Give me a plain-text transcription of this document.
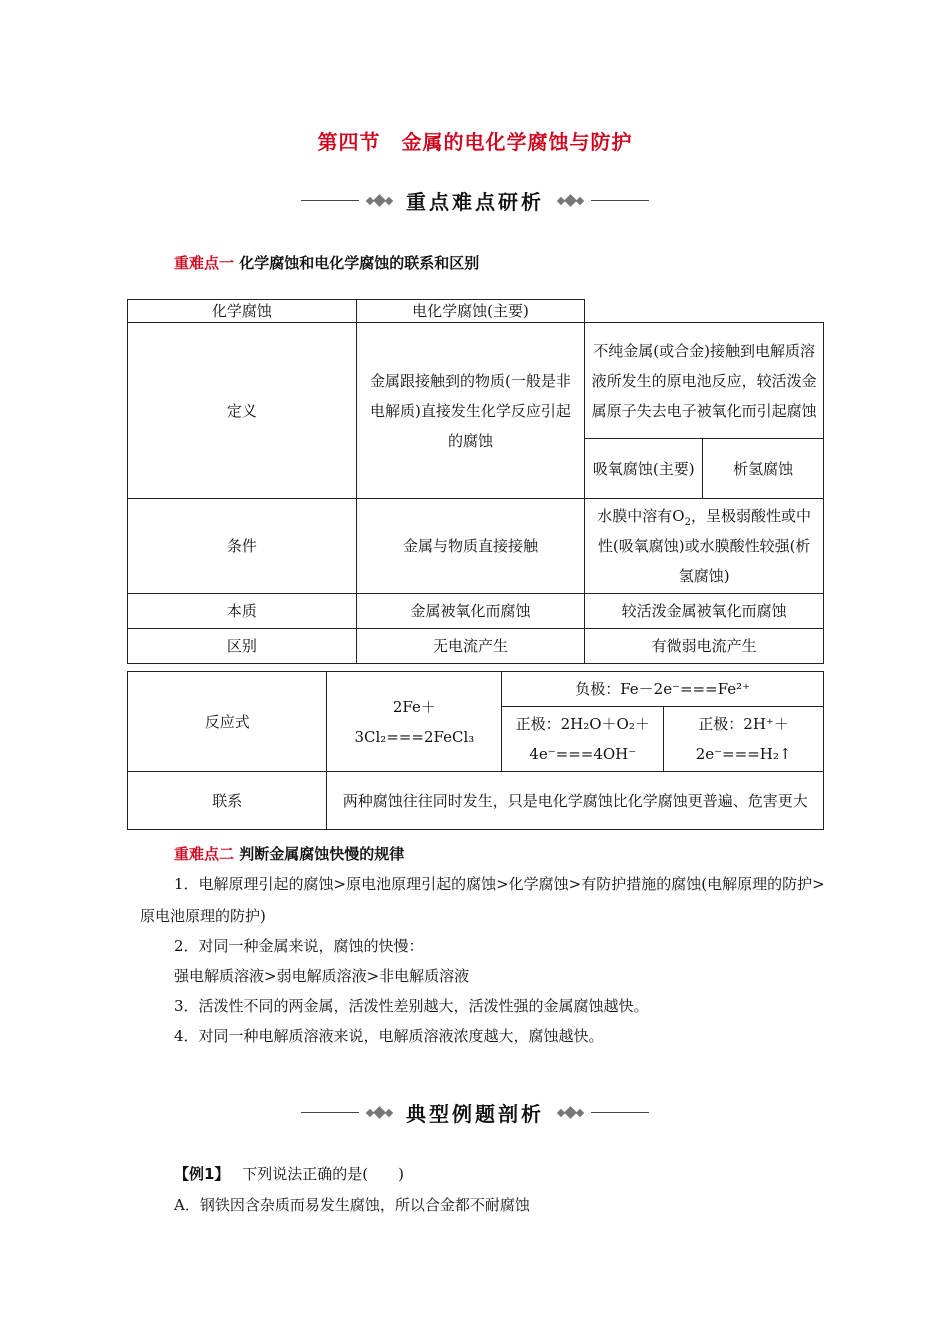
第四节　金属的电化学腐蚀与防护
重点难点研析
重难点一 化学腐蚀和电化学腐蚀的联系和区别
化学腐蚀	电化学腐蚀(主要)		
定义	金属跟接触到的物质(一般是非电解质)直接发生化学反应引起的腐蚀	不纯金属(或合金)接触到电解质溶液所发生的原电池反应，较活泼金属原子失去电子被氧化而引起腐蚀	
		吸氧腐蚀(主要)	析氢腐蚀
条件	金属与物质直接接触	水膜中溶有$O_2$，呈极弱酸性或中性(吸氧腐蚀)或水膜酸性较强(析氢腐蚀)	
本质	金属被氧化而腐蚀	较活泼金属被氧化而腐蚀	
区别	无电流产生	有微弱电流产生	
反应式	2Fe＋3Cl₂===2FeCl₃	负极：Fe－2e⁻===Fe²⁺	
		正极：2H₂O＋O₂＋4e⁻===4OH⁻	正极：2H⁺＋2e⁻===H₂↑
联系	两种腐蚀往往同时发生，只是电化学腐蚀比化学腐蚀更普遍、危害更大		
重难点二 判断金属腐蚀快慢的规律
1．电解原理引起的腐蚀>原电池原理引起的腐蚀>化学腐蚀>有防护措施的腐蚀(电解原理的防护>原电池原理的防护)
2．对同一种金属来说，腐蚀的快慢：
强电解质溶液>弱电解质溶液>非电解质溶液
3．活泼性不同的两金属，活泼性差别越大，活泼性强的金属腐蚀越快。
4．对同一种电解质溶液来说，电解质溶液浓度越大，腐蚀越快。
典型例题剖析
【例1】 下列说法正确的是(　　)
A．钢铁因含杂质而易发生腐蚀，所以合金都不耐腐蚀
